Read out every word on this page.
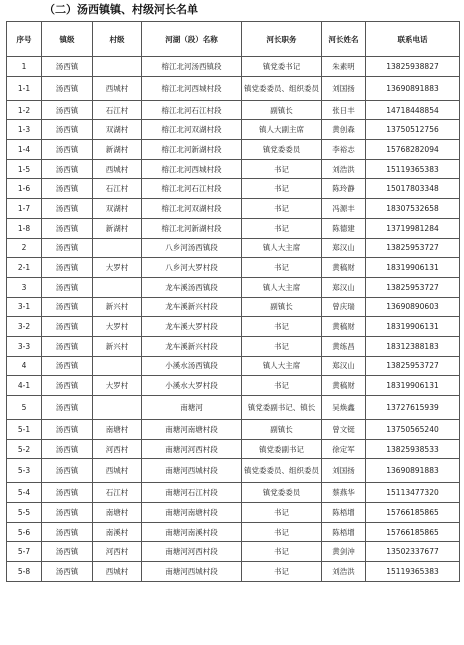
（二）汤西镇镇、村级河长名单
序号	镇级	村级	河湖（段）名称	河长职务	河长姓名	联系电话
1	汤西镇		榕江北河汤西镇段	镇党委书记	朱素明	13825938827
1-1	汤西镇	西城村	榕江北河西城村段	镇党委委员、组织委员	刘国扬	13690891883
1-2	汤西镇	石江村	榕江北河石江村段	副镇长	张日丰	14718448854
1-3	汤西镇	双湖村	榕江北河双湖村段	镇人大副主席	黄创森	13750512756
1-4	汤西镇	新湖村	榕江北河新湖村段	镇党委委员	李裕志	15768282094
1-5	汤西镇	西城村	榕江北河西城村段	书记	刘浩洪	15119365383
1-6	汤西镇	石江村	榕江北河石江村段	书记	陈玲静	15017803348
1-7	汤西镇	双湖村	榕江北河双湖村段	书记	冯源丰	18307532658
1-8	汤西镇	新湖村	榕江北河新湖村段	书记	陈德建	13719981284
2	汤西镇		八乡河汤西镇段	镇人大主席	郑汉山	13825953727
2-1	汤西镇	大罗村	八乡河大罗村段	书记	黄稿财	18319906131
3	汤西镇		龙车溪汤西镇段	镇人大主席	郑汉山	13825953727
3-1	汤西镇	新兴村	龙车溪新兴村段	副镇长	曾庆瑞	13690890603
3-2	汤西镇	大罗村	龙车溪大罗村段	书记	黄稿财	18319906131
3-3	汤西镇	新兴村	龙车溪新兴村段	书记	黄练昌	18312388183
4	汤西镇		小溪水汤西镇段	镇人大主席	郑汉山	13825953727
4-1	汤西镇	大罗村	小溪水大罗村段	书记	黄稿财	18319906131
5	汤西镇		南塘河	镇党委副书记、镇长	吴焕鑫	13727615939
5-1	汤西镇	南塘村	南塘河南塘村段	副镇长	曾文铤	13750565240
5-2	汤西镇	河西村	南塘河河西村段	镇党委副书记	徐定军	13825938533
5-3	汤西镇	西城村	南塘河西城村段	镇党委委员、组织委员	刘国扬	13690891883
5-4	汤西镇	石江村	南塘河石江村段	镇党委委员	蔡燕华	15113477320
5-5	汤西镇	南塘村	南塘河南塘村段	书记	陈梧增	15766185865
5-6	汤西镇	南溪村	南塘河南溪村段	书记	陈梧增	15766185865
5-7	汤西镇	河西村	南塘河河西村段	书记	黄剑沖	13502337677
5-8	汤西镇	西城村	南塘河西城村段	书记	刘浩洪	15119365383
